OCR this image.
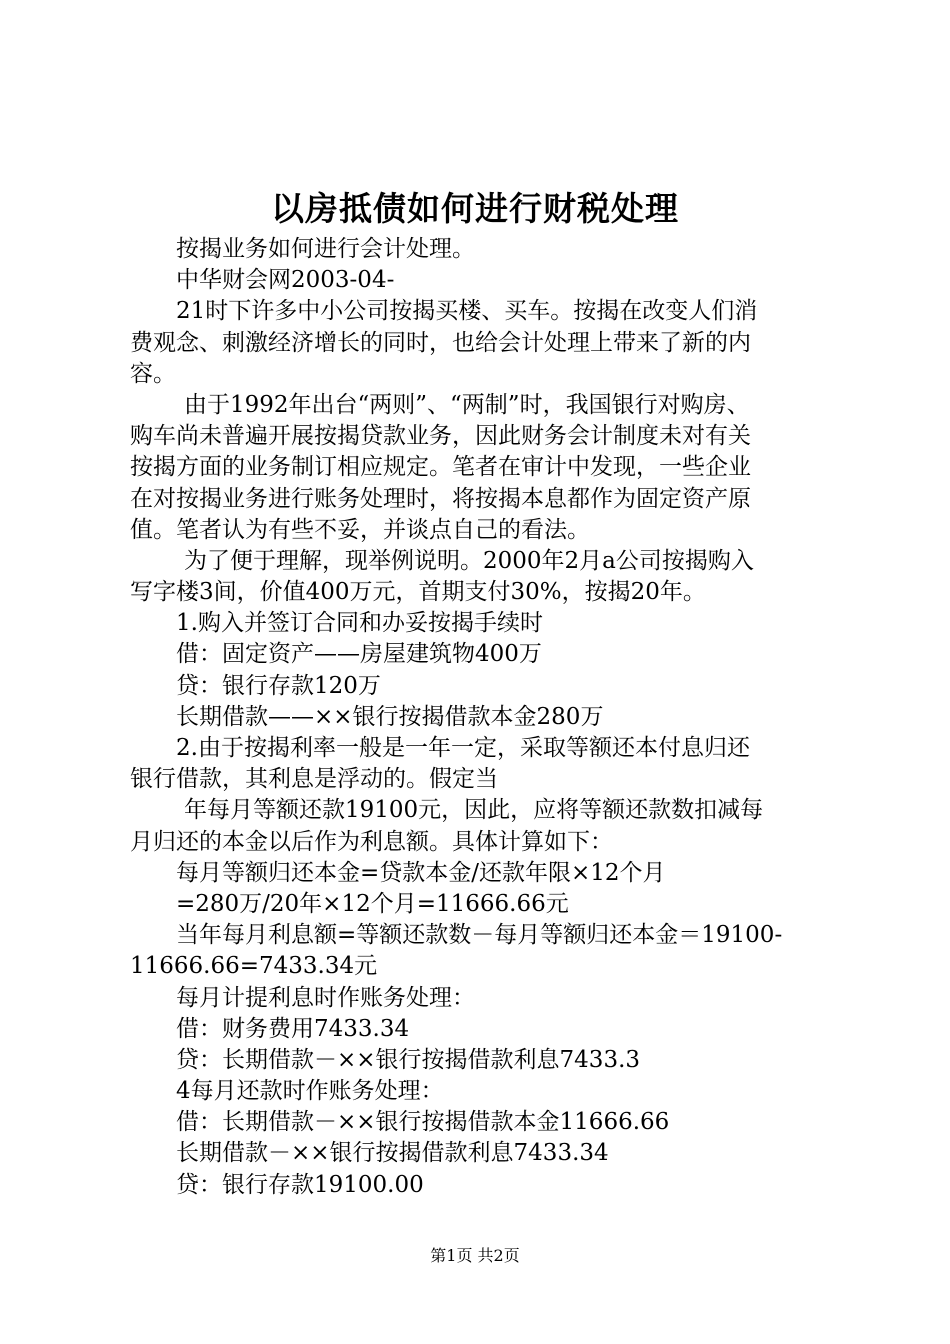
以房抵债如何进行财税处理
按揭业务如何进行会计处理。
中华财会网2003-04-
21时下许多中小公司按揭买楼、买车。按揭在改变人们消
费观念、刺激经济增长的同时，也给会计处理上带来了新的内
容。
由于1992年出台“两则”、“两制”时，我国银行对购房、
购车尚未普遍开展按揭贷款业务，因此财务会计制度未对有关
按揭方面的业务制订相应规定。笔者在审计中发现，一些企业
在对按揭业务进行账务处理时，将按揭本息都作为固定资产原
值。笔者认为有些不妥，并谈点自己的看法。
为了便于理解，现举例说明。2000年2月a公司按揭购入
写字楼3间，价值400万元，首期支付30%，按揭20年。
1.购入并签订合同和办妥按揭手续时
借：固定资产——房屋建筑物400万
贷：银行存款120万
长期借款——××银行按揭借款本金280万
2.由于按揭利率一般是一年一定，采取等额还本付息归还
银行借款，其利息是浮动的。假定当
年每月等额还款19100元，因此，应将等额还款数扣减每
月归还的本金以后作为利息额。具体计算如下：
每月等额归还本金=贷款本金/还款年限×12个月
=280万/20年×12个月=11666.66元
当年每月利息额=等额还款数－每月等额归还本金＝19100-
11666.66=7433.34元
每月计提利息时作账务处理：
借：财务费用7433.34
贷：长期借款－××银行按揭借款利息7433.3
4每月还款时作账务处理：
借：长期借款－××银行按揭借款本金11666.66
长期借款－××银行按揭借款利息7433.34
贷：银行存款19100.00
第1页 共2页
